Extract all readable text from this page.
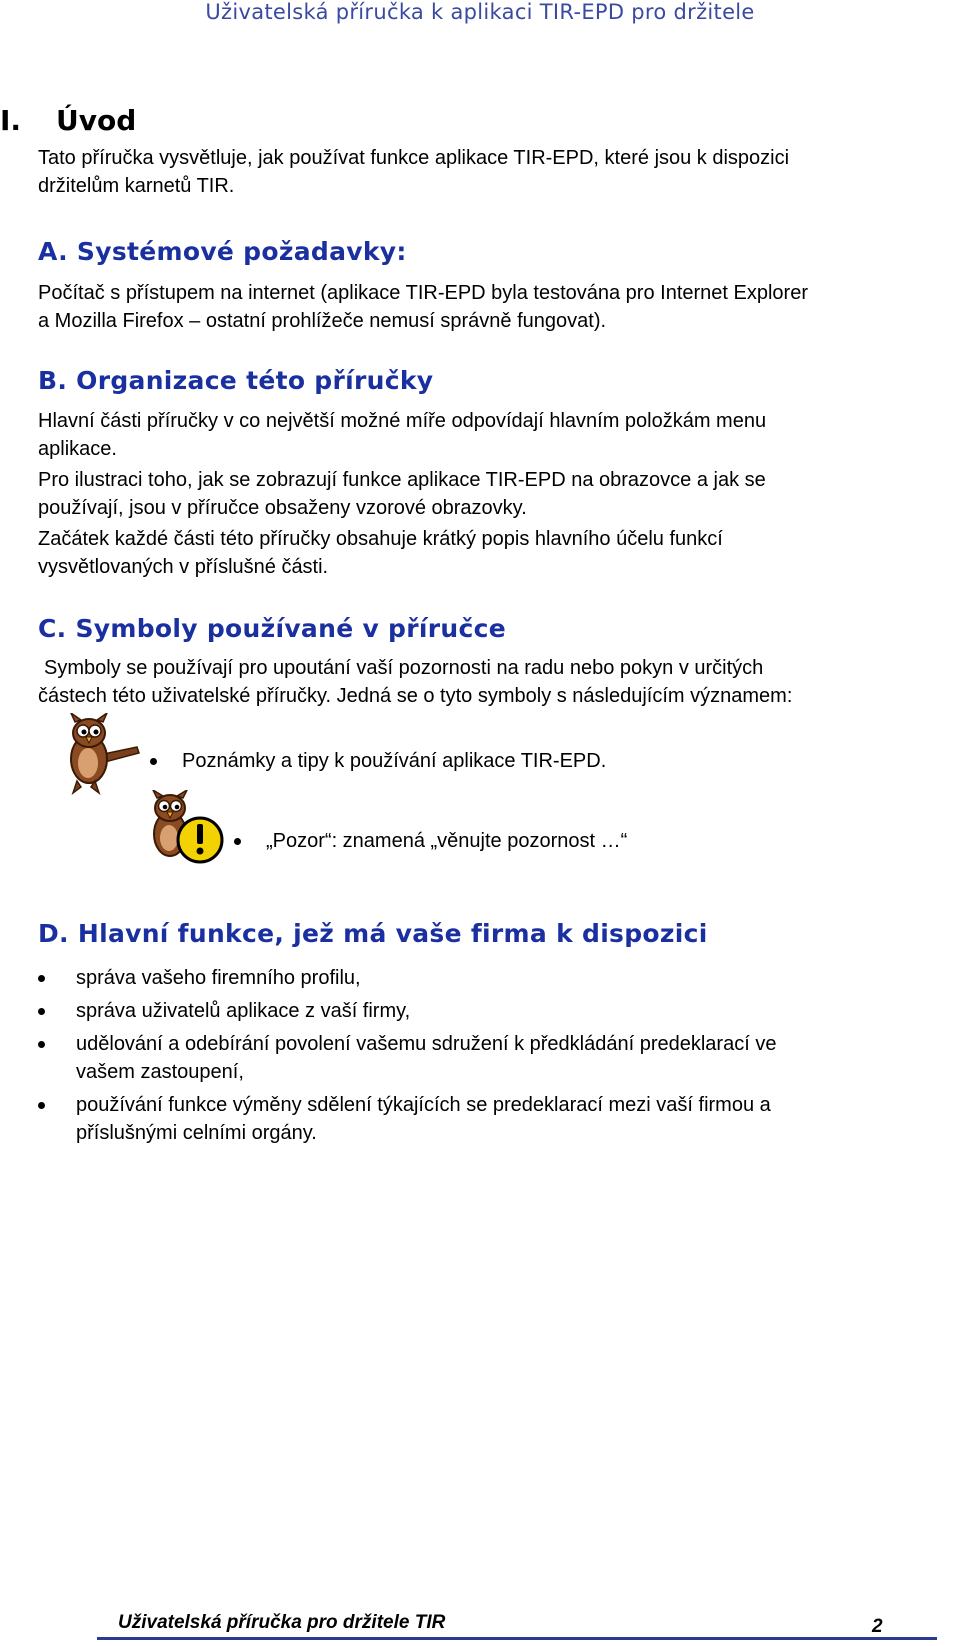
Uživatelská příručka k aplikaci TIR-EPD pro držitele
I. Úvod
Tato příručka vysvětluje, jak používat funkce aplikace TIR-EPD, které jsou k dispozici
držitelům karnetů TIR.
A. Systémové požadavky:
Počítač s přístupem na internet (aplikace TIR-EPD byla testována pro Internet Explorer
a Mozilla Firefox – ostatní prohlížeče nemusí správně fungovat).
B. Organizace této příručky
Hlavní části příručky v co největší možné míře odpovídají hlavním položkám menu
aplikace.
Pro ilustraci toho, jak se zobrazují funkce aplikace TIR-EPD na obrazovce a jak se
používají, jsou v příručce obsaženy vzorové obrazovky.
Začátek každé části této příručky obsahuje krátký popis hlavního účelu funkcí
vysvětlovaných v příslušné části.
C. Symboly používané v příručce
Symboly se používají pro upoutání vaší pozornosti na radu nebo pokyn v určitých
částech této uživatelské příručky. Jedná se o tyto symboly s následujícím významem:
Poznámky a tipy k používání aplikace TIR-EPD.
„Pozor“: znamená „věnujte pozornost …“
D. Hlavní funkce, jež má vaše firma k dispozici
správa vašeho firemního profilu,
správa uživatelů aplikace z vaší firmy,
udělování a odebírání povolení vašemu sdružení k předkládání predeklarací ve
vašem zastoupení,
používání funkce výměny sdělení týkajících se predeklarací mezi vaší firmou a
příslušnými celními orgány.
Uživatelská příručka pro držitele TIR	2
